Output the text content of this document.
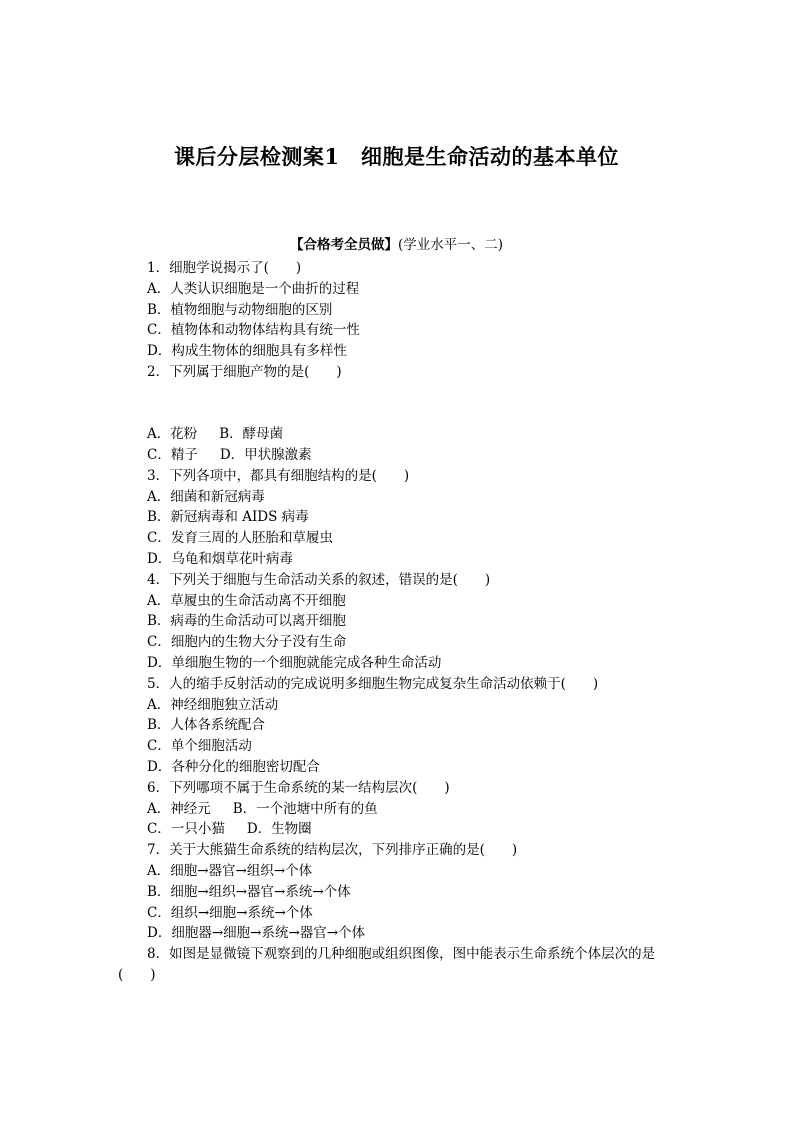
课后分层检测案1　细胞是生命活动的基本单位
【合格考全员做】(学业水平一、二)
1．细胞学说揭示了(　　)
A．人类认识细胞是一个曲折的过程
B．植物细胞与动物细胞的区别
C．植物体和动物体结构具有统一性
D．构成生物体的细胞具有多样性
2．下列属于细胞产物的是(　　)
A．花粉 B．酵母菌
C．精子 D．甲状腺激素
3．下列各项中，都具有细胞结构的是(　　)
A．细菌和新冠病毒
B．新冠病毒和 AIDS 病毒
C．发育三周的人胚胎和草履虫
D．乌龟和烟草花叶病毒
4．下列关于细胞与生命活动关系的叙述，错误的是(　　)
A．草履虫的生命活动离不开细胞
B．病毒的生命活动可以离开细胞
C．细胞内的生物大分子没有生命
D．单细胞生物的一个细胞就能完成各种生命活动
5．人的缩手反射活动的完成说明多细胞生物完成复杂生命活动依赖于(　　)
A．神经细胞独立活动
B．人体各系统配合
C．单个细胞活动
D．各种分化的细胞密切配合
6．下列哪项不属于生命系统的某一结构层次(　　)
A．神经元 B．一个池塘中所有的鱼
C．一只小猫 D．生物圈
7．关于大熊猫生命系统的结构层次，下列排序正确的是(　　)
A．细胞→器官→组织→个体
B．细胞→组织→器官→系统→个体
C．组织→细胞→系统→个体
D．细胞器→细胞→系统→器官→个体
8．如图是显微镜下观察到的几种细胞或组织图像，图中能表示生命系统个体层次的是
(　　)
